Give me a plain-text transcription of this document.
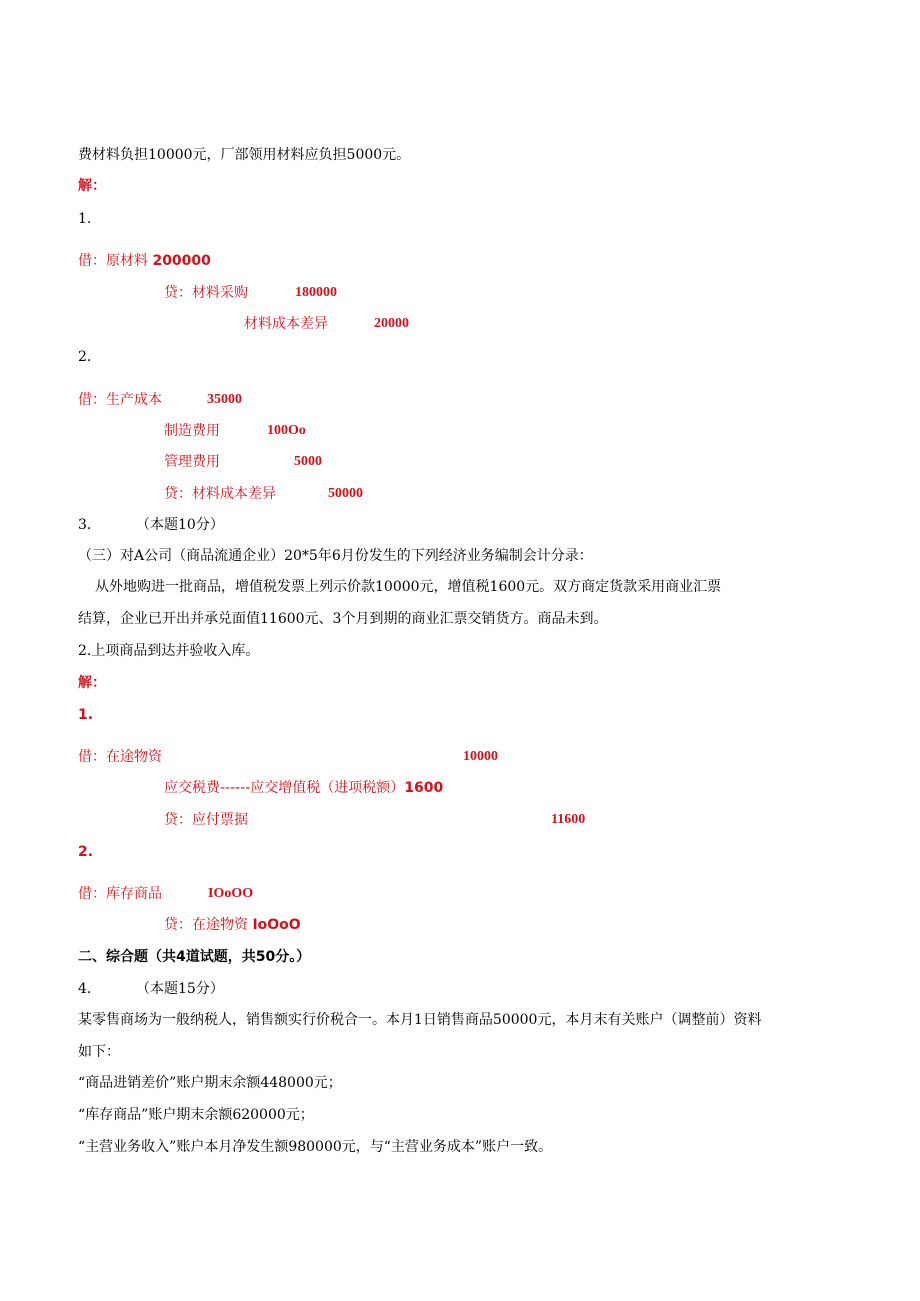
费材料负担10000元，厂部领用材料应负担5000元。
解：
1.
借：原材料 200000
贷：材料采购	180000
材料成本差异	20000
2.
借：生产成本	35000
制造费用	100Oo
管理费用	5000
贷：材料成本差异	50000
3.	（本题10分）
（三）对A公司（商品流通企业）20*5年6月份发生的下列经济业务编制会计分录：
从外地购进一批商品，增值税发票上列示价款10000元，增值税1600元。双方商定货款采用商业汇票
结算，企业已开出并承兑面值11600元、3个月到期的商业汇票交销货方。商品未到。
2.上项商品到达并验收入库。
解：
1.
借：在途物资	10000
应交税费------应交增值税（进项税额）1600
贷：应付票据	11600
2.
借：库存商品	IOoOO
贷：在途物资 IoOoO
二、综合题（共4道试题，共50分。）
4.	（本题15分）
某零售商场为一般纳税人，销售额实行价税合一。本月1日销售商品50000元，本月末有关账户（调整前）资料
如下：
“商品进销差价”账户期末余额448000元；
“库存商品”账户期末余额620000元；
“主营业务收入”账户本月净发生额980000元，与“主营业务成本”账户一致。
